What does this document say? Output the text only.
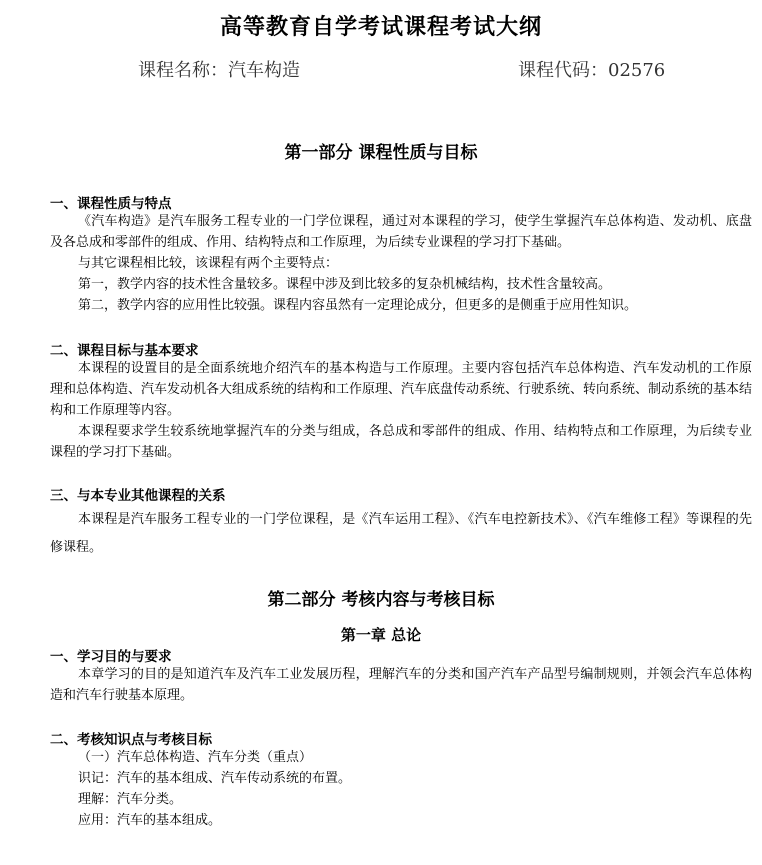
高等教育自学考试课程考试大纲
课程名称：汽车构造	课程代码：02576
第一部分 课程性质与目标
一、课程性质与特点
《汽车构造》是汽车服务工程专业的一门学位课程，通过对本课程的学习，使学生掌握汽车总体构造、发动机、底盘及各总成和零部件的组成、作用、结构特点和工作原理，为后续专业课程的学习打下基础。
与其它课程相比较，该课程有两个主要特点：
第一，教学内容的技术性含量较多。课程中涉及到比较多的复杂机械结构，技术性含量较高。
第二，教学内容的应用性比较强。课程内容虽然有一定理论成分，但更多的是侧重于应用性知识。
二、课程目标与基本要求
本课程的设置目的是全面系统地介绍汽车的基本构造与工作原理。主要内容包括汽车总体构造、汽车发动机的工作原理和总体构造、汽车发动机各大组成系统的结构和工作原理、汽车底盘传动系统、行驶系统、转向系统、制动系统的基本结构和工作原理等内容。
本课程要求学生较系统地掌握汽车的分类与组成，各总成和零部件的组成、作用、结构特点和工作原理，为后续专业课程的学习打下基础。
三、与本专业其他课程的关系
本课程是汽车服务工程专业的一门学位课程，是《汽车运用工程》、《汽车电控新技术》、《汽车维修工程》等课程的先修课程。
第二部分 考核内容与考核目标
第一章 总论
一、学习目的与要求
本章学习的目的是知道汽车及汽车工业发展历程，理解汽车的分类和国产汽车产品型号编制规则，并领会汽车总体构造和汽车行驶基本原理。
二、考核知识点与考核目标
（一）汽车总体构造、汽车分类（重点）
识记：汽车的基本组成、汽车传动系统的布置。
理解：汽车分类。
应用：汽车的基本组成。
